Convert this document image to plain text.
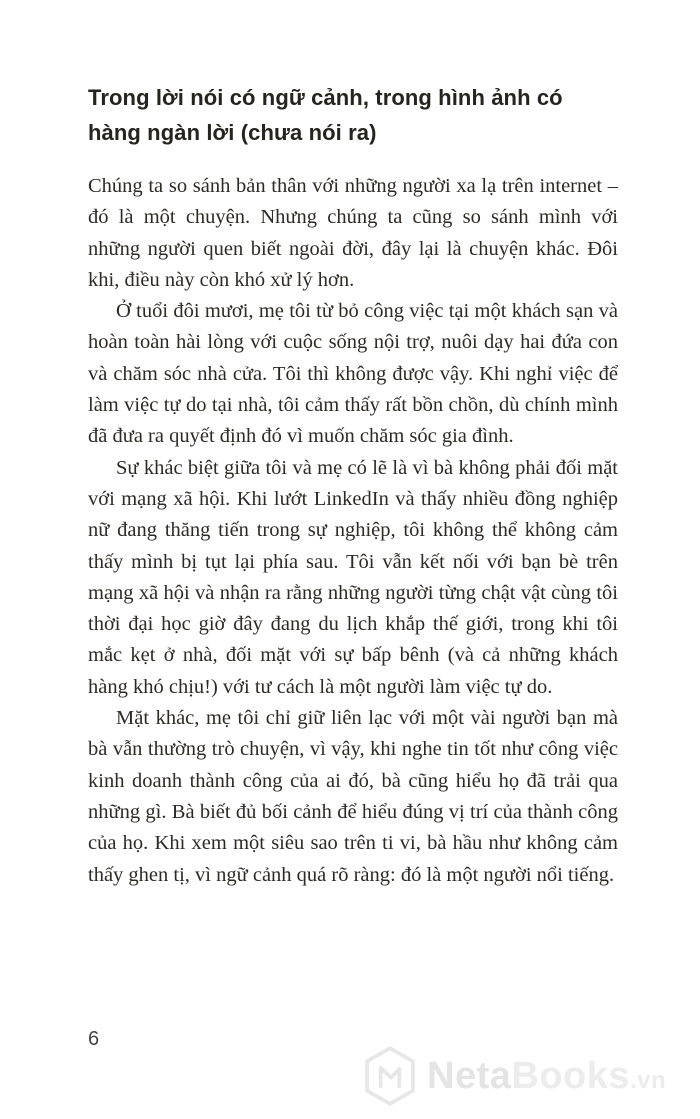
Trong lời nói có ngữ cảnh, trong hình ảnh có hàng ngàn lời (chưa nói ra)

Chúng ta so sánh bản thân với những người xa lạ trên internet – đó là một chuyện. Nhưng chúng ta cũng so sánh mình với những người quen biết ngoài đời, đây lại là chuyện khác. Đôi khi, điều này còn khó xử lý hơn.

Ở tuổi đôi mươi, mẹ tôi từ bỏ công việc tại một khách sạn và hoàn toàn hài lòng với cuộc sống nội trợ, nuôi dạy hai đứa con và chăm sóc nhà cửa. Tôi thì không được vậy. Khi nghỉ việc để làm việc tự do tại nhà, tôi cảm thấy rất bồn chồn, dù chính mình đã đưa ra quyết định đó vì muốn chăm sóc gia đình.

Sự khác biệt giữa tôi và mẹ có lẽ là vì bà không phải đối mặt với mạng xã hội. Khi lướt LinkedIn và thấy nhiều đồng nghiệp nữ đang thăng tiến trong sự nghiệp, tôi không thể không cảm thấy mình bị tụt lại phía sau. Tôi vẫn kết nối với bạn bè trên mạng xã hội và nhận ra rằng những người từng chật vật cùng tôi thời đại học giờ đây đang du lịch khắp thế giới, trong khi tôi mắc kẹt ở nhà, đối mặt với sự bấp bênh (và cả những khách hàng khó chịu!) với tư cách là một người làm việc tự do.

Mặt khác, mẹ tôi chỉ giữ liên lạc với một vài người bạn mà bà vẫn thường trò chuyện, vì vậy, khi nghe tin tốt như công việc kinh doanh thành công của ai đó, bà cũng hiểu họ đã trải qua những gì. Bà biết đủ bối cảnh để hiểu đúng vị trí của thành công của họ. Khi xem một siêu sao trên ti vi, bà hầu như không cảm thấy ghen tị, vì ngữ cảnh quá rõ ràng: đó là một người nổi tiếng.

6
NetaBooks.vn
